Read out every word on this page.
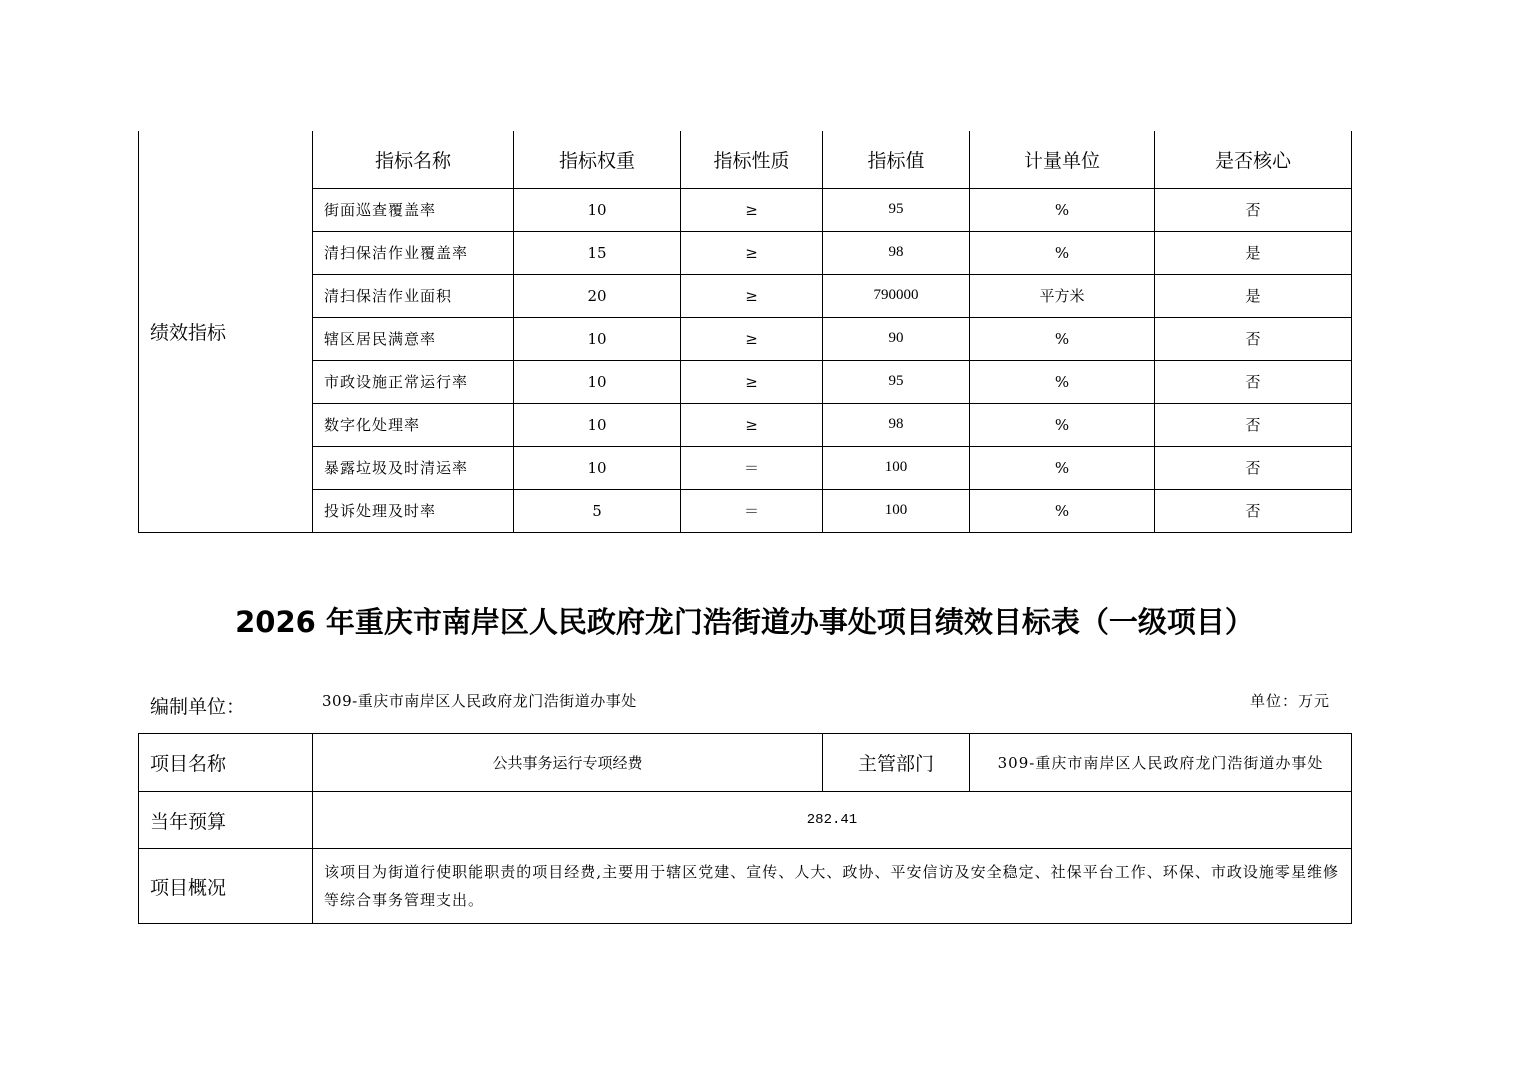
绩效指标	指标名称	指标权重	指标性质	指标值	计量单位	是否核心
	街面巡查覆盖率	10	≥	95	%	否
	清扫保洁作业覆盖率	15	≥	98	%	是
	清扫保洁作业面积	20	≥	790000	平方米	是
	辖区居民满意率	10	≥	90	%	否
	市政设施正常运行率	10	≥	95	%	否
	数字化处理率	10	≥	98	%	否
	暴露垃圾及时清运率	10	＝	100	%	否
	投诉处理及时率	5	＝	100	%	否
2026 年重庆市南岸区人民政府龙门浩街道办事处项目绩效目标表（一级项目）
编制单位：	309-重庆市南岸区人民政府龙门浩街道办事处	单位：万元
项目名称	公共事务运行专项经费	主管部门	309-重庆市南岸区人民政府龙门浩街道办事处
当年预算	282.41		
项目概况	该项目为街道行使职能职责的项目经费,主要用于辖区党建、宣传、人大、政协、平安信访及安全稳定、社保平台工作、环保、市政设施零星维修等综合事务管理支出。		
